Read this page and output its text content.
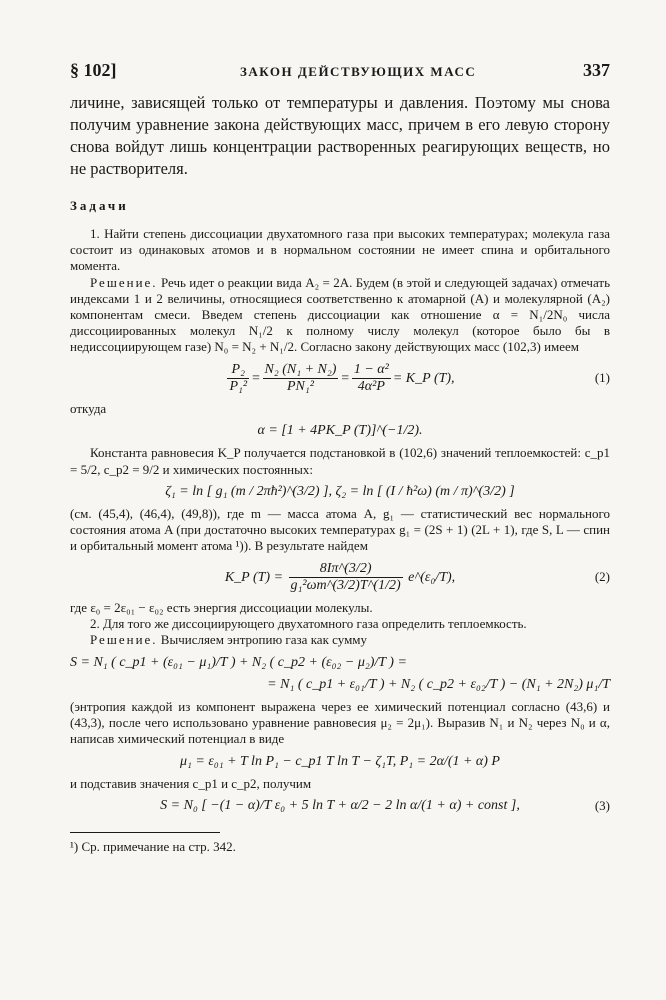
§ 102]	ЗАКОН ДЕЙСТВУЮЩИХ МАСС	337

личине, зависящей только от температуры и давления. Поэтому мы снова получим уравнение закона действующих масс, причем в его левую сторону снова войдут лишь концентрации растворенных реагирующих веществ, но не растворителя.

Задачи

1. Найти степень диссоциации двухатомного газа при высоких температурах; молекула газа состоит из одинаковых атомов и в нормальном состоянии не имеет спина и орбитального момента.

Решение. Речь идет о реакции вида A₂ = 2A. Будем (в этой и следующей задачах) отмечать индексами 1 и 2 величины, относящиеся соответственно к атомарной (A) и молекулярной (A₂) компонентам смеси. Введем степень диссоциации как отношение α = N₁/2N₀ числа диссоциированных молекул N₁/2 к полному числу молекул (которое было бы в недиссоциирующем газе) N₀ = N₂ + N₁/2. Согласно закону действующих масс (102,3) имеем

$\frac{\text{P₂}}{\text{P₁²}} = \frac{\text{N₂ (N₁ + N₂)}}{\text{PN₁²}} = \frac{\text{1 − α²}}{\text{4α²P}}$ = K_P (T),	(1)

откуда

α = [1 + 4PK_P (T)]^(−1/2).

Константа равновесия K_P получается подстановкой в (102,6) значений теплоемкостей: c_p1 = 5/2, c_p2 = 9/2 и химических постоянных:

ζ₁ = ln [ g₁ (m / 2πħ²)^(3/2) ], ζ₂ = ln [ (I / ħ²ω) (m / π)^(3/2) ]

(см. (45,4), (46,4), (49,8)), где m — масса атома A, g₁ — статистический вес нормального состояния атома A (при достаточно высоких температурах g₁ = (2S + 1) (2L + 1), где S, L — спин и орбитальный момент атома ¹)). В результате найдем

K_P $(T) = \frac{8I\pi\^{}(3/2)}{\text{g₁²ωm\textasciicircum{}(3/2)T\textasciicircum{}(1/2)}}$ e^(ε₀/T),	(2)

где ε₀ = 2ε₀₁ − ε₀₂ есть энергия диссоциации молекулы.

2. Для того же диссоциирующего двухатомного газа определить теплоемкость.

Решение. Вычисляем энтропию газа как сумму

S = N₁ ( c_p1 + (ε₀₁ − μ₁)/T ) + N₂ ( c_p2 + (ε₀₂ − μ₂)/T ) =
= N₁ ( c_p1 + ε₀₁/T ) + N₂ ( c_p2 + ε₀₂/T ) − (N₁ + 2N₂) μ₁/T

(энтропия каждой из компонент выражена через ее химический потенциал согласно (43,6) и (43,3), после чего использовано уравнение равновесия μ₂ = 2μ₁). Выразив N₁ и N₂ через N₀ и α, написав химический потенциал в виде

μ₁ = ε₀₁ + T ln P₁ − c_p1 T ln T − ζ₁T, P₁ = 2α/(1 + α) P

и подставив значения c_p1 и c_p2, получим

S = N₀ [ −(1 − α)/T ε₀ + 5 ln T + α/2 − 2 ln α/(1 + α) + const ],	(3)
¹) Ср. примечание на стр. 342.
